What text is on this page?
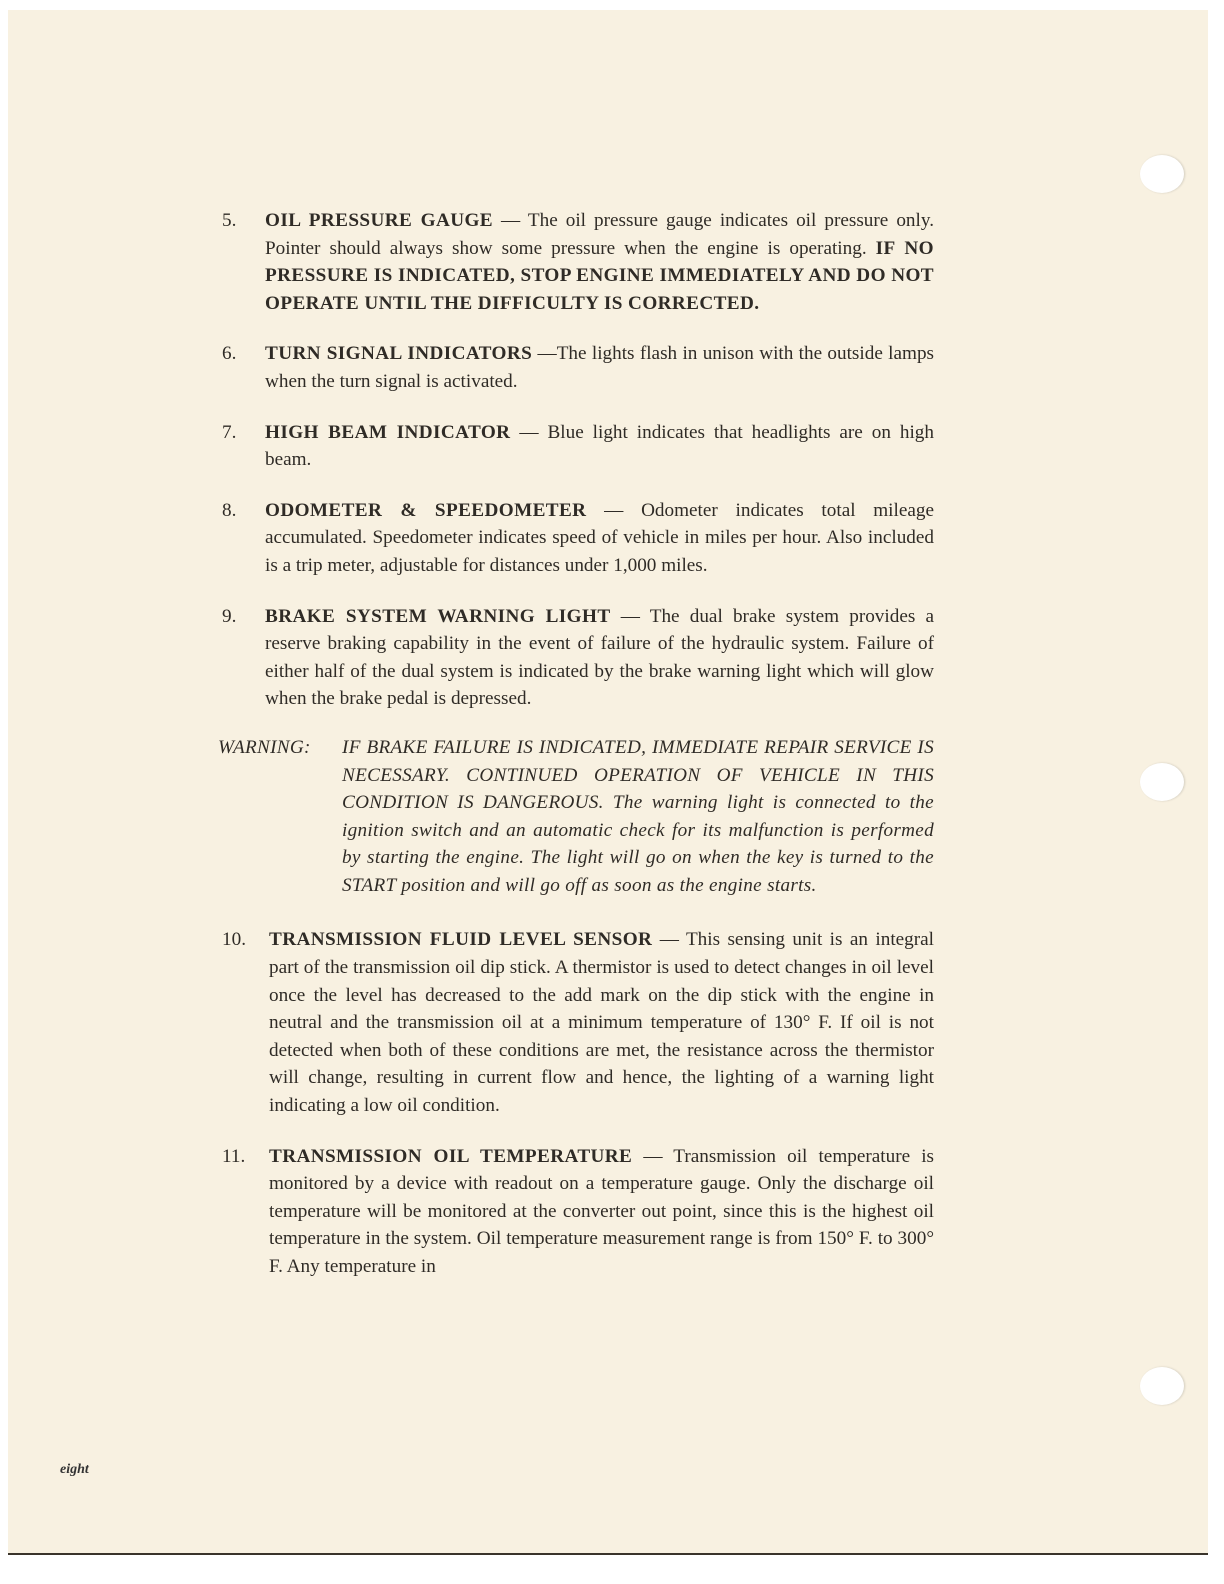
5.	OIL PRESSURE GAUGE — The oil pressure gauge indicates oil pressure only. Pointer should always show some pressure when the engine is operating. IF NO PRESSURE IS INDICATED, STOP ENGINE IMMEDIATELY AND DO NOT OPERATE UNTIL THE DIFFICULTY IS CORRECTED.
6.	TURN SIGNAL INDICATORS —The lights flash in unison with the outside lamps when the turn signal is activated.
7.	HIGH BEAM INDICATOR — Blue light indicates that headlights are on high beam.
8.	ODOMETER & SPEEDOMETER — Odometer indicates total mileage accumulated. Speedometer indicates speed of vehicle in miles per hour. Also included is a trip meter, adjustable for distances under 1,000 miles.
9.	BRAKE SYSTEM WARNING LIGHT — The dual brake system provides a reserve braking capability in the event of failure of the hydraulic system. Failure of either half of the dual system is indicated by the brake warning light which will glow when the brake pedal is depressed.
WARNING:	IF BRAKE FAILURE IS INDICATED, IMMEDIATE REPAIR SERVICE IS NECESSARY. CONTINUED OPERATION OF VEHICLE IN THIS CONDITION IS DANGEROUS. The warning light is connected to the ignition switch and an automatic check for its malfunction is performed by starting the engine. The light will go on when the key is turned to the START position and will go off as soon as the engine starts.
10.	TRANSMISSION FLUID LEVEL SENSOR — This sensing unit is an integral part of the transmission oil dip stick. A thermistor is used to detect changes in oil level once the level has decreased to the add mark on the dip stick with the engine in neutral and the transmission oil at a minimum temperature of 130° F. If oil is not detected when both of these conditions are met, the resistance across the thermistor will change, resulting in current flow and hence, the lighting of a warning light indicating a low oil condition.
11.	TRANSMISSION OIL TEMPERATURE — Transmission oil temperature is monitored by a device with readout on a temperature gauge. Only the discharge oil temperature will be monitored at the converter out point, since this is the highest oil temperature in the system. Oil temperature measurement range is from 150° F. to 300° F. Any temperature in
eight
